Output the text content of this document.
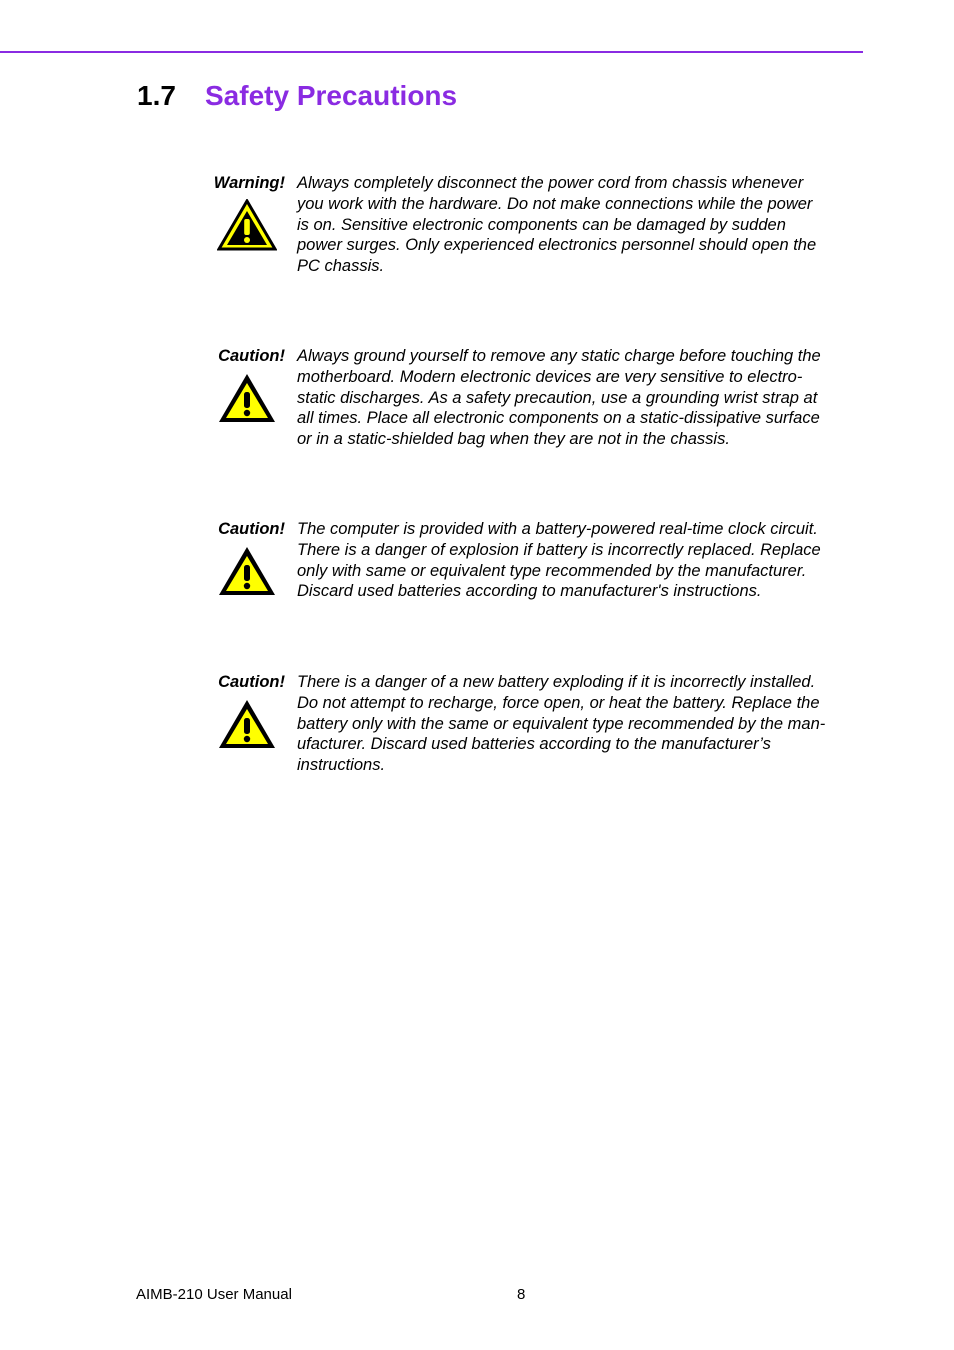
1.7	Safety Precautions
Warning! Always completely disconnect the power cord from chassis whenever
you work with the hardware. Do not make connections while the power
is on. Sensitive electronic components can be damaged by sudden
power surges. Only experienced electronics personnel should open the
PC chassis.
Caution! Always ground yourself to remove any static charge before touching the
motherboard. Modern electronic devices are very sensitive to electro-
static discharges. As a safety precaution, use a grounding wrist strap at
all times. Place all electronic components on a static-dissipative surface
or in a static-shielded bag when they are not in the chassis.
Caution! The computer is provided with a battery-powered real-time clock circuit.
There is a danger of explosion if battery is incorrectly replaced. Replace
only with same or equivalent type recommended by the manufacturer.
Discard used batteries according to manufacturer's instructions.
Caution! There is a danger of a new battery exploding if it is incorrectly installed.
Do not attempt to recharge, force open, or heat the battery. Replace the
battery only with the same or equivalent type recommended by the man-
ufacturer. Discard used batteries according to the manufacturer’s
instructions.
AIMB-210 User Manual	8
